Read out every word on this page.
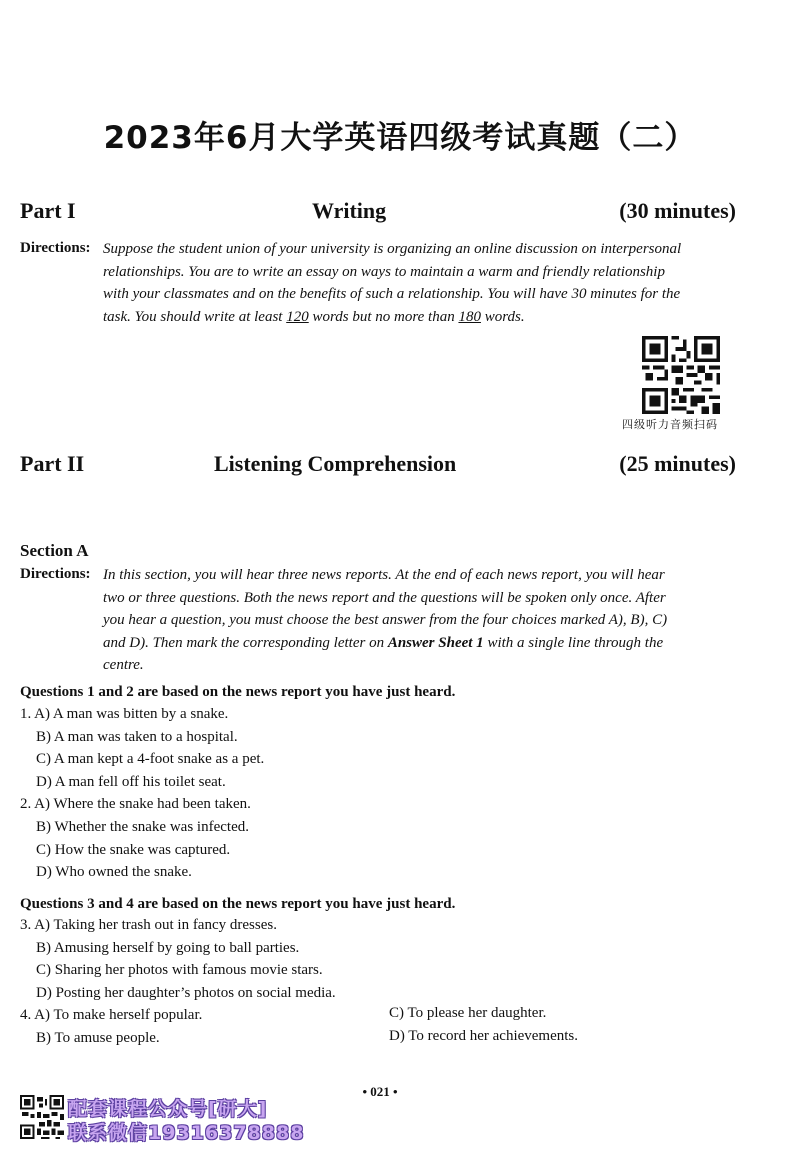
2023年6月大学英语四级考试真题（二）
Part I	Writing	(30 minutes)
Directions: Suppose the student union of your university is organizing an online discussion on interpersonal
relationships. You are to write an essay on ways to maintain a warm and friendly relationship
with your classmates and on the benefits of such a relationship. You will have 30 minutes for the
task. You should write at least 120 words but no more than 180 words.
四级听力音频扫码
Part II	Listening Comprehension	(25 minutes)
Section A
Directions: In this section, you will hear three news reports. At the end of each news report, you will hear
two or three questions. Both the news report and the questions will be spoken only once. After
you hear a question, you must choose the best answer from the four choices marked A), B), C)
and D). Then mark the corresponding letter on Answer Sheet 1 with a single line through the
centre.
Questions 1 and 2 are based on the news report you have just heard.
1. A) A man was bitten by a snake.
B) A man was taken to a hospital.
C) A man kept a 4-foot snake as a pet.
D) A man fell off his toilet seat.
2. A) Where the snake had been taken.
B) Whether the snake was infected.
C) How the snake was captured.
D) Who owned the snake.
Questions 3 and 4 are based on the news report you have just heard.
3. A) Taking her trash out in fancy dresses.
B) Amusing herself by going to ball parties.
C) Sharing her photos with famous movie stars.
D) Posting her daughter’s photos on social media.
4. A) To make herself popular.
B) To amuse people.
C) To please her daughter.
D) To record her achievements.
• 021 •
配套课程公众号[研大]
联系微信19316378888
